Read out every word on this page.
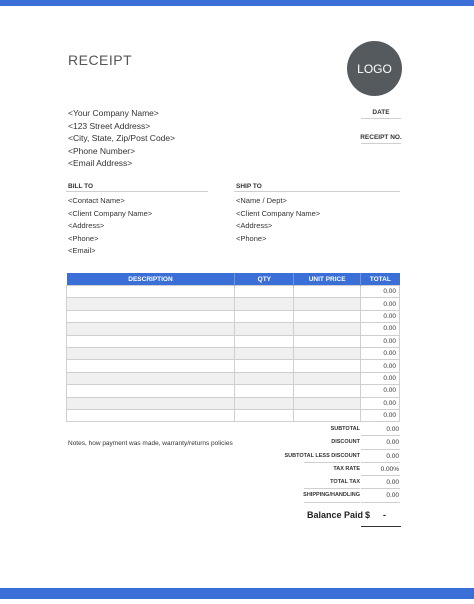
RECEIPT
LOGO
<Your Company Name>
<123 Street Address>
<City, State, Zip/Post Code>
<Phone Number>
<Email Address>
DATE
RECEIPT NO.
BILL TO
<Contact Name>
<Client Company Name>
<Address>
<Phone>
<Email>
SHIP TO
<Name / Dept>
<Client Company Name>
<Address>
<Phone>
DESCRIPTION	QTY	UNIT PRICE	TOTAL
			0.00
			0.00
			0.00
			0.00
			0.00
			0.00
			0.00
			0.00
			0.00
			0.00
			0.00
Notes, how payment was made, warranty/returns policies
SUBTOTAL	0.00
DISCOUNT	0.00
SUBTOTAL LESS DISCOUNT	0.00
TAX RATE	0.00%
TOTAL TAX	0.00
SHIPPING/HANDLING	0.00
Balance Paid $ -
